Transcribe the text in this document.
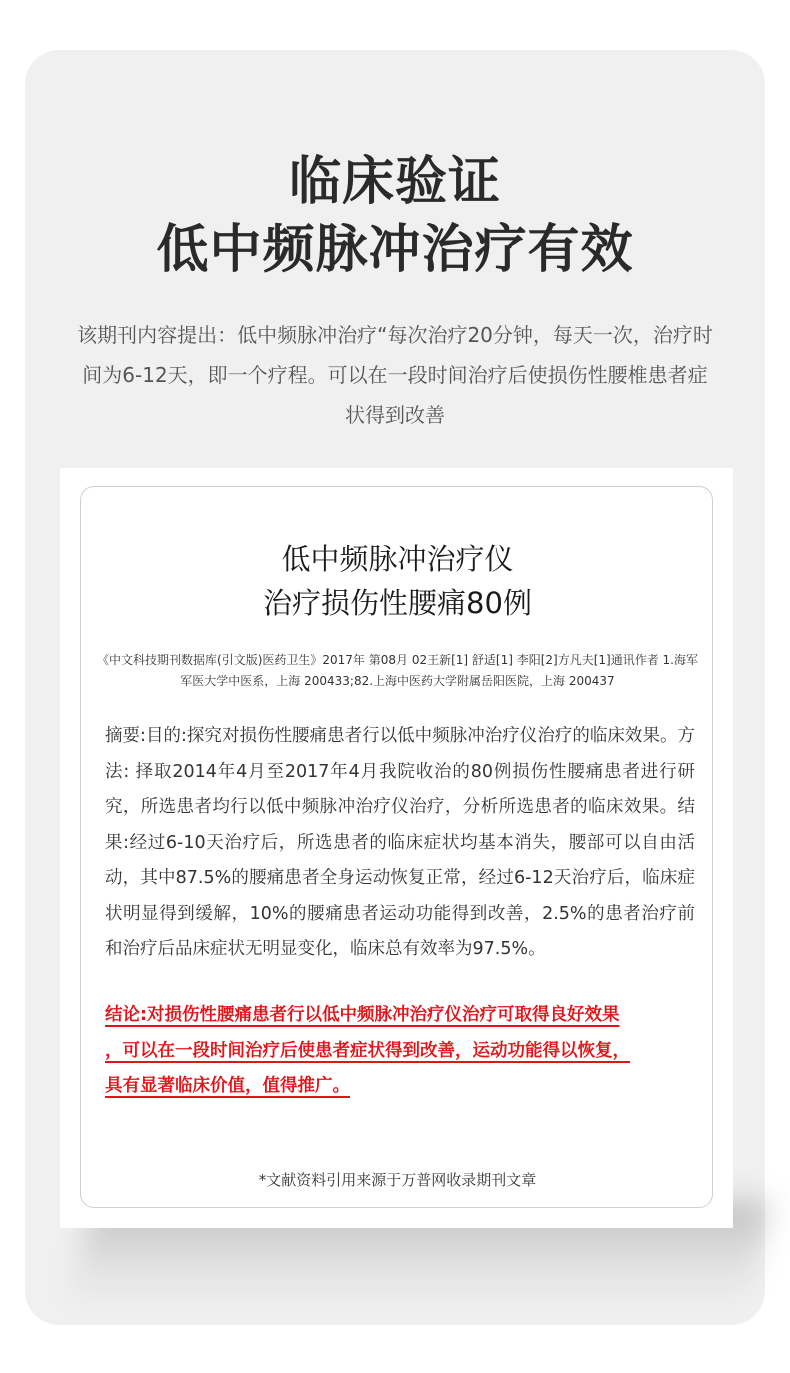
临床验证
低中频脉冲治疗有效
该期刊内容提出：低中频脉冲治疗“每次治疗20分钟，每天一次，治疗时间为6-12天，即一个疗程。可以在一段时间治疗后使损伤性腰椎患者症状得到改善
低中频脉冲治疗仪
治疗损伤性腰痛80例
《中文科技期刊数据库(引文版)医药卫生》2017年 第08月 02王新[1] 舒适[1] 李阳[2]方凡夫[1]通讯作者 1.海军军医大学中医系，上海 200433;82.上海中医药大学附属岳阳医院，上海 200437
摘要:目的:探究对损伤性腰痛患者行以低中频脉冲治疗仪治疗的临床效果。方法: 择取2014年4月至2017年4月我院收治的80例损伤性腰痛患者进行研究，所选患者均行以低中频脉冲治疗仪治疗，分析所选患者的临床效果。结果:经过6-10天治疗后，所选患者的临床症状均基本消失，腰部可以自由活动，其中87.5%的腰痛患者全身运动恢复正常，经过6-12天治疗后，临床症状明显得到缓解，10%的腰痛患者运动功能得到改善，2.5%的患者治疗前和治疗后品床症状无明显变化，临床总有效率为97.5%。
结论:对损伤性腰痛患者行以低中频脉冲治疗仪治疗可取得良好效果
，可以在一段时间治疗后使患者症状得到改善，运动功能得以恢复，
具有显著临床价值，值得推广。
*文献资料引用来源于万普网收录期刊文章
